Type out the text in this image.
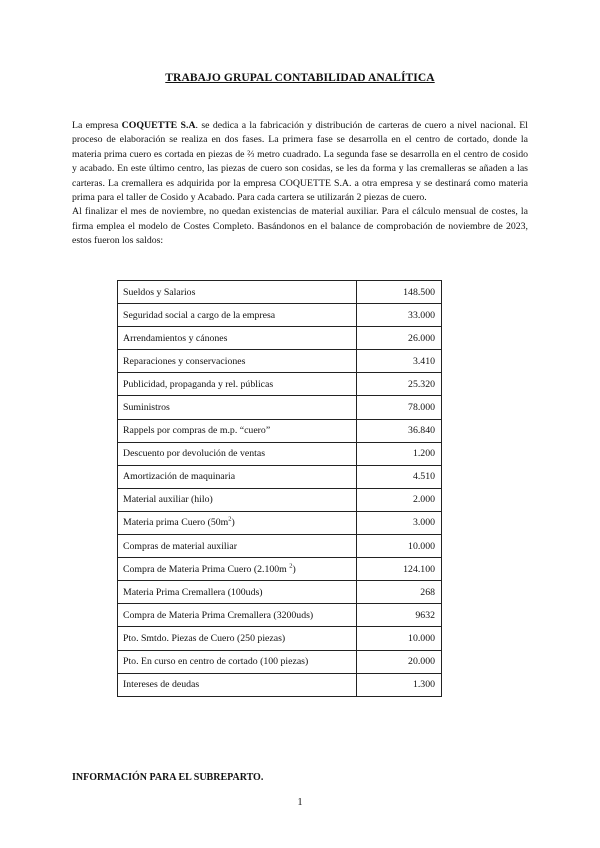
TRABAJO GRUPAL CONTABILIDAD ANALÍTICA

La empresa COQUETTE S.A. se dedica a la fabricación y distribución de carteras de cuero a nivel nacional. El proceso de elaboración se realiza en dos fases. La primera fase se desarrolla en el centro de cortado, donde la materia prima cuero es cortada en piezas de ⅔ metro cuadrado. La segunda fase se desarrolla en el centro de cosido y acabado. En este último centro, las piezas de cuero son cosidas, se les da forma y las cremalleras se añaden a las carteras. La cremallera es adquirida por la empresa COQUETTE S.A. a otra empresa y se destinará como materia prima para el taller de Cosido y Acabado. Para cada cartera se utilizarán 2 piezas de cuero.

Al finalizar el mes de noviembre, no quedan existencias de material auxiliar. Para el cálculo mensual de costes, la firma emplea el modelo de Costes Completo. Basándonos en el balance de comprobación de noviembre de 2023, estos fueron los saldos:

Sueldos y Salarios	148.500
Seguridad social a cargo de la empresa	33.000
Arrendamientos y cánones	26.000
Reparaciones y conservaciones	3.410
Publicidad, propaganda y rel. públicas	25.320
Suministros	78.000
Rappels por compras de m.p. “cuero”	36.840
Descuento por devolución de ventas	1.200
Amortización de maquinaria	4.510
Material auxiliar (hilo)	2.000
Materia prima Cuero $(50m^2)$	3.000
Compras de material auxiliar	10.000
Compra de Materia Prima Cuero (2.100m $^2$)	124.100
Materia Prima Cremallera (100uds)	268
Compra de Materia Prima Cremallera (3200uds)	9632
Pto. Smtdo. Piezas de Cuero (250 piezas)	10.000
Pto. En curso en centro de cortado (100 piezas)	20.000
Intereses de deudas	1.300
INFORMACIÓN PARA EL SUBREPARTO.
1
